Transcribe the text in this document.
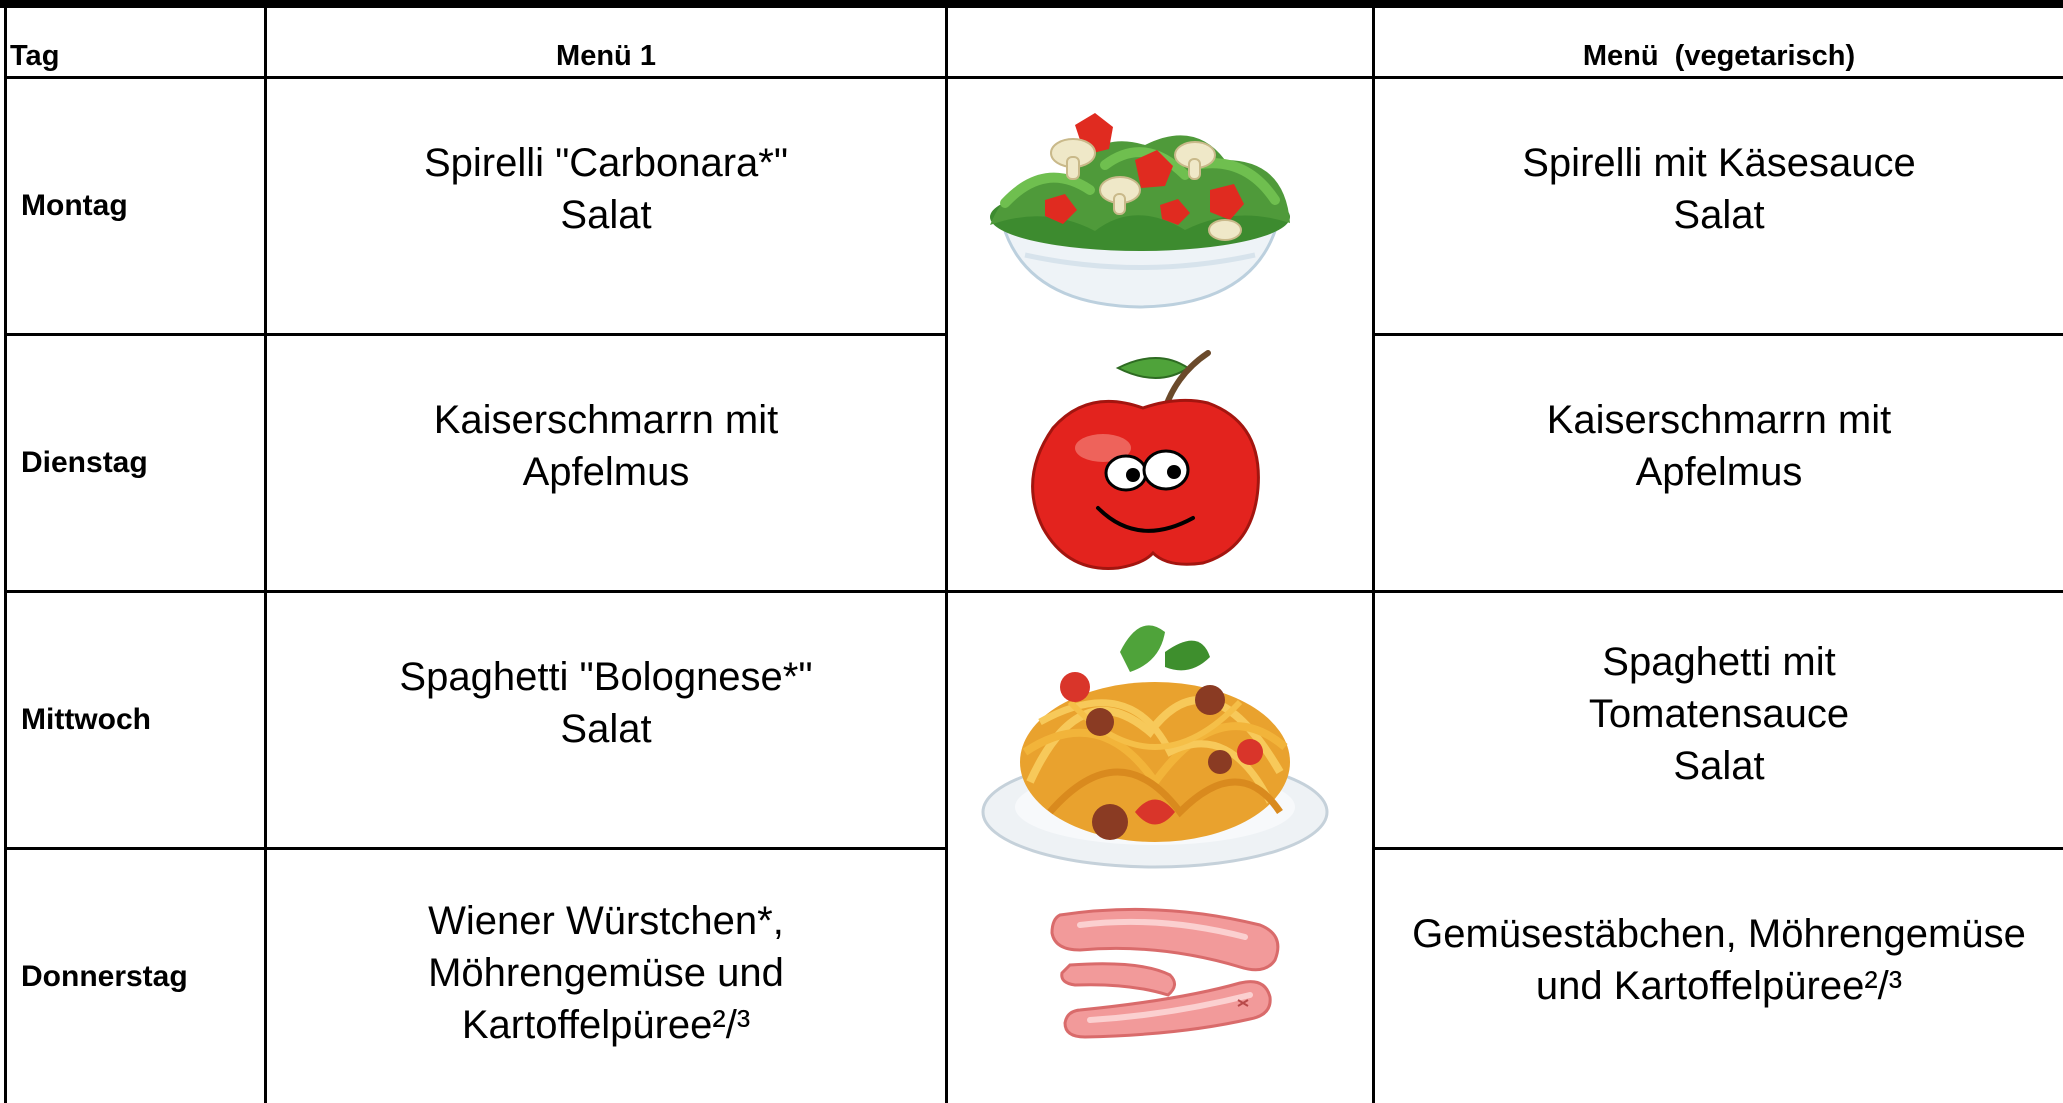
Tag	Menü 1	Menü  (vegetarisch)
Montag
Spirelli "Carbonara*"
Salat
Spirelli mit Käsesauce
Salat
Dienstag
Kaiserschmarrn mit
Apfelmus
Kaiserschmarrn mit
Apfelmus
Mittwoch
Spaghetti "Bolognese*"
Salat
Spaghetti mit
Tomatensauce
Salat
Donnerstag
Wiener Würstchen*,
Möhrengemüse und
Kartoffelpüree²/³
Gemüsestäbchen, Möhrengemüse
und Kartoffelpüree²/³
